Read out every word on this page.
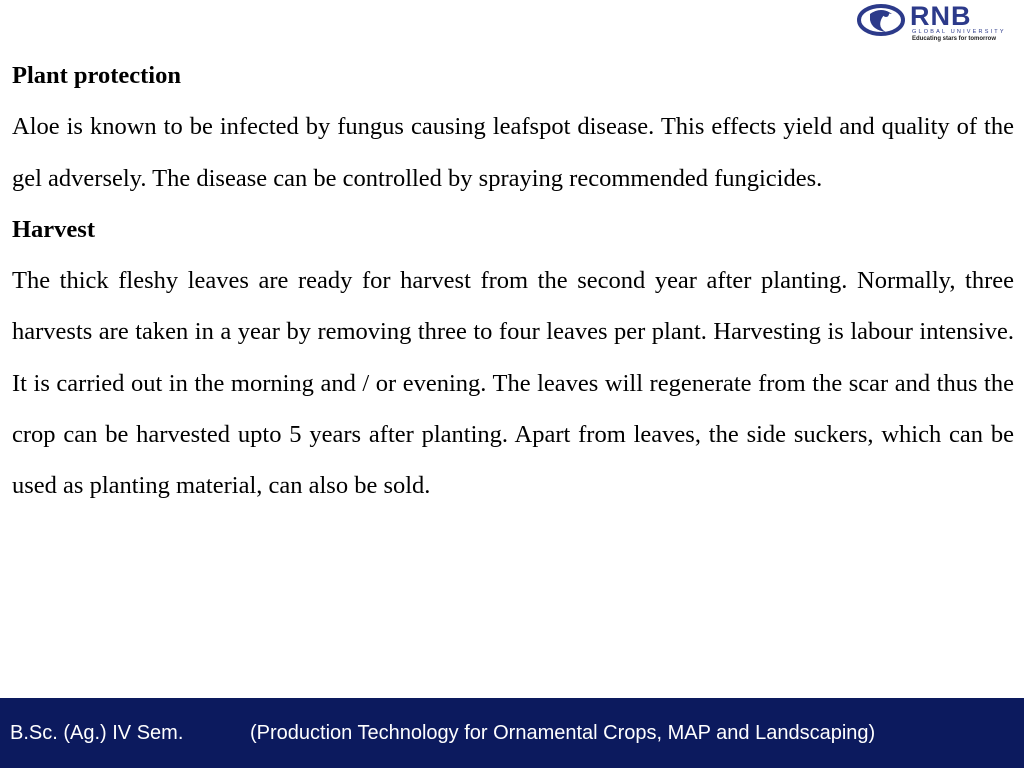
RNB
GLOBAL UNIVERSITY
Educating stars for tomorrow

Plant protection

Aloe is known to be infected by fungus causing leafspot disease. This effects yield and quality of the gel adversely. The disease can be controlled by spraying recommended fungicides.

Harvest

The thick fleshy leaves are ready for harvest from the second year after planting. Normally, three harvests are taken in a year by removing three to four leaves per plant. Harvesting is labour intensive. It is carried out in the morning and / or evening. The leaves will regenerate from the scar and thus the crop can be harvested upto 5 years after planting. Apart from leaves, the side suckers, which can be used as planting material, can also be sold.

B.Sc. (Ag.) IV Sem.	(Production Technology for Ornamental Crops, MAP and Landscaping)
